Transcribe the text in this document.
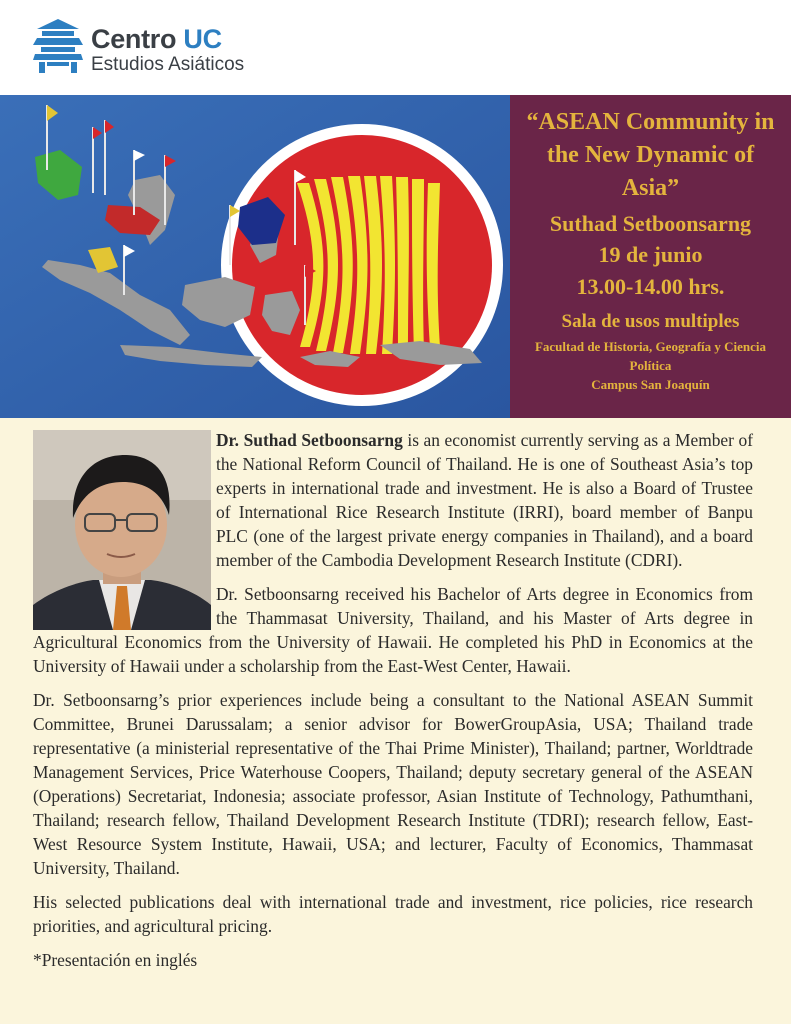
Centro UC
Estudios Asiáticos
“ASEAN Community in the New Dynamic of Asia”
Suthad Setboonsarng
19 de junio
13.00-14.00 hrs.
Sala de usos multiples
Facultad de Historia, Geografía y Ciencia Política
Campus San Joaquín

Dr. Suthad Setboonsarng is an economist currently serving as a Member of the National Reform Council of Thailand. He is one of Southeast Asia’s top experts in international trade and investment. He is also a Board of Trustee of International Rice Research Institute (IRRI), board member of Banpu PLC (one of the largest private energy companies in Thailand), and a board member of the Cambodia Development Research Institute (CDRI).

Dr. Setboonsarng received his Bachelor of Arts degree in Economics from the Thammasat University, Thailand, and his Master of Arts degree in Agricultural Economics from the University of Hawaii. He completed his PhD in Economics at the University of Hawaii under a scholarship from the East-West Center, Hawaii.

Dr. Setboonsarng’s prior experiences include being a consultant to the National ASEAN Summit Committee, Brunei Darussalam; a senior advisor for BowerGroupAsia, USA; Thailand trade representative (a ministerial representative of the Thai Prime Minister), Thailand; partner, Worldtrade Management Services, Price Waterhouse Coopers, Thailand; deputy secretary general of the ASEAN (Operations) Secretariat, Indonesia; associate professor, Asian Institute of Technology, Pathumthani, Thailand; research fellow, Thailand Development Research Institute (TDRI); research fellow, East-West Resource System Institute, Hawaii, USA; and lecturer, Faculty of Economics, Thammasat University, Thailand.

His selected publications deal with international trade and investment, rice policies, rice research priorities, and agricultural pricing.

*Presentación en inglés
